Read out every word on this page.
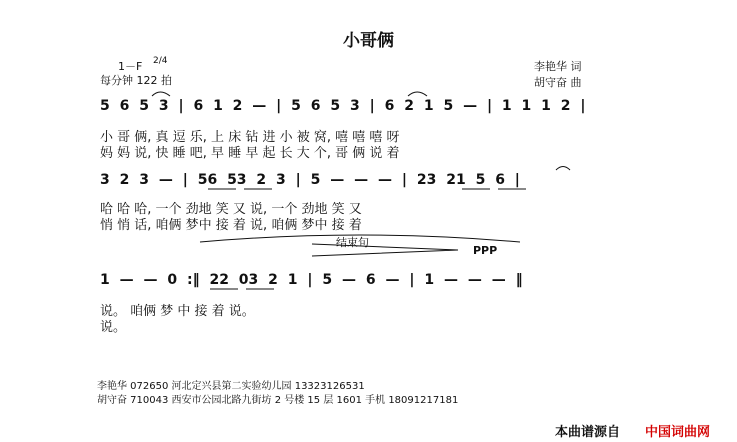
小哥俩
1－F 2/4
每分钟 122 拍
李艳华 词
胡守奋 曲
5 6 5 3 | 6 1 2 — | 5 6 5 3 | 6 2 1 5 — | 1 1 1 2 |
小 哥 俩, 真 逗 乐, 上 床 钻 进 小 被 窝, 嘻 嘻 嘻 呀
妈 妈 说, 快 睡 吧, 早 睡 早 起 长 大 个, 哥 俩 说 着
3 2 3 — | 56 53 2 3 | 5 — — — | 23 21 5 6 |
哈 哈 哈, 一个 劲地 笑 又 说, 一个 劲地 笑 又
悄 悄 话, 咱俩 梦中 接 着 说, 咱俩 梦中 接 着
结束句
PPP
1 — — 0 :‖ 22 03 2 1 | 5 — 6 — | 1 — — — ‖
说。 咱俩 梦 中 接 着 说。
说。
李艳华 072650 河北定兴县第二实验幼儿园 13323126531
胡守奋 710043 西安市公园北路九街坊 2 号楼 15 层 1601 手机 18091217181
本曲谱源自 中国词曲网
